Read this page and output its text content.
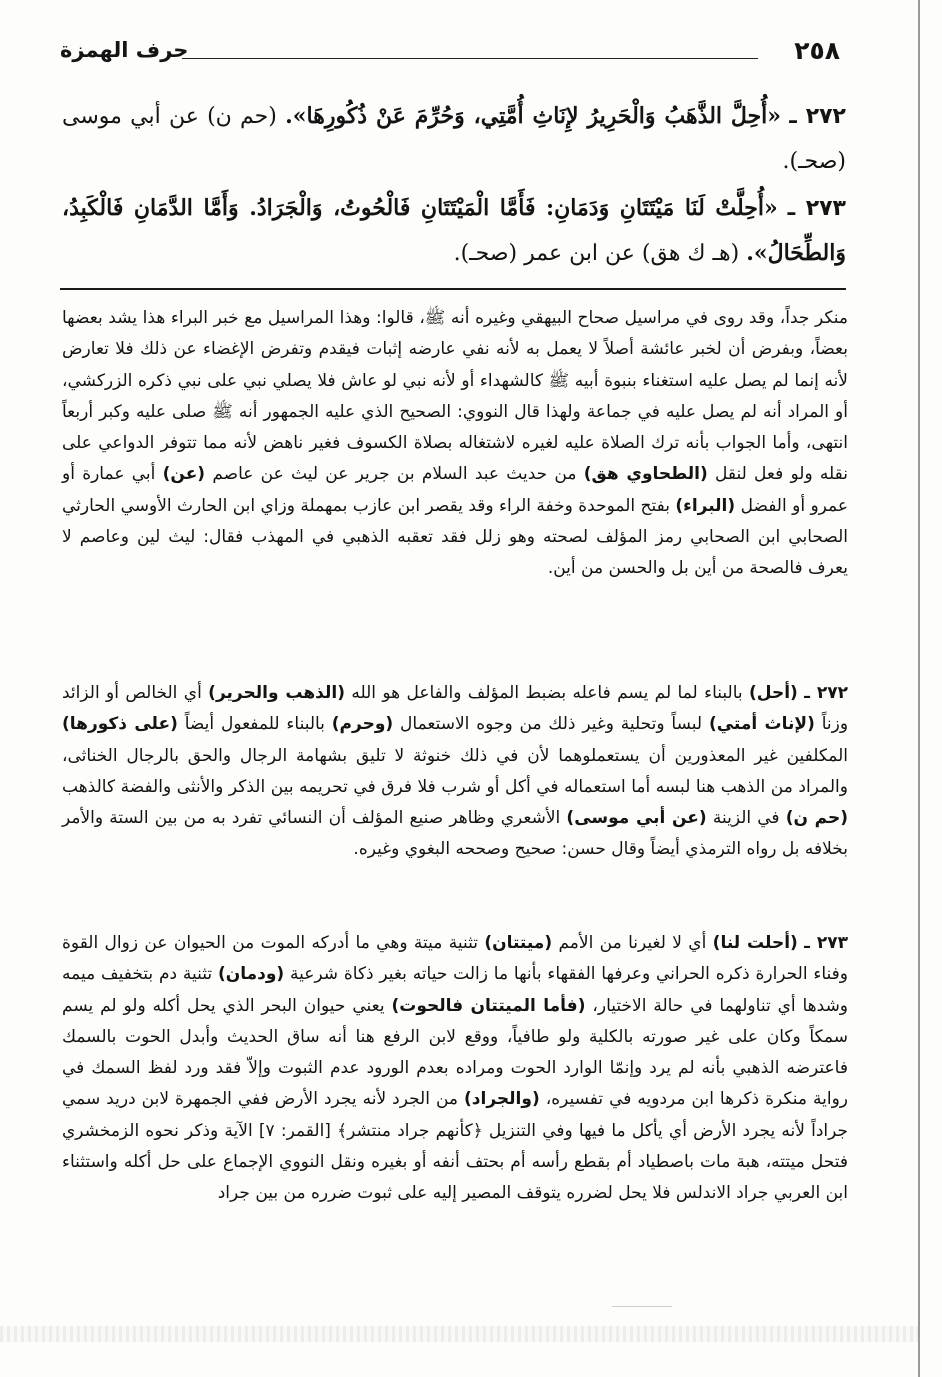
٢٥٨
حرف الهمزة
٢٧٢ ـ «أُحِلَّ الذَّهَبُ وَالْحَرِيرُ لإِنَاثِ أُمَّتِي، وَحُرِّمَ عَنْ ذُكُورِهَا». (حم ن) عن أبي موسى (صحـ).
٢٧٣ ـ «أُحِلَّتْ لَنَا مَيْتَتَانِ وَدَمَانِ: فَأَمَّا الْمَيْتَتَانِ فَالْحُوتُ، وَالْجَرَادُ. وَأَمَّا الدَّمَانِ فَالْكَبِدُ، وَالطِّحَالُ». (هـ ك هق) عن ابن عمر (صحـ).
منكر جداً، وقد روى في مراسيل صحاح البيهقي وغيره أنه ﷺ، قالوا: وهذا المراسيل مع خبر البراء هذا يشد بعضها بعضاً، وبفرض أن لخبر عائشة أصلاً لا يعمل به لأنه نفي عارضه إثبات فيقدم وتفرض الإغضاء عن ذلك فلا تعارض لأنه إنما لم يصل عليه استغناء بنبوة أبيه ﷺ كالشهداء أو لأنه نبي لو عاش فلا يصلي نبي على نبي ذكره الزركشي، أو المراد أنه لم يصل عليه في جماعة ولهذا قال النووي: الصحيح الذي عليه الجمهور أنه ﷺ صلى عليه وكبر أربعاً انتهى، وأما الجواب بأنه ترك الصلاة عليه لغيره لاشتغاله بصلاة الكسوف فغير ناهض لأنه مما تتوفر الدواعي على نقله ولو فعل لنقل (الطحاوي هق) من حديث عبد السلام بن جرير عن ليث عن عاصم (عن) أبي عمارة أو عمرو أو الفضل (البراء) بفتح الموحدة وخفة الراء وقد يقصر ابن عازب بمهملة وزاي ابن الحارث الأوسي الحارثي الصحابي ابن الصحابي رمز المؤلف لصحته وهو زلل فقد تعقبه الذهبي في المهذب فقال: ليث لين وعاصم لا يعرف فالصحة من أين بل والحسن من أين.
٢٧٢ ـ (أحل) بالبناء لما لم يسم فاعله بضبط المؤلف والفاعل هو الله (الذهب والحرير) أي الخالص أو الزائد وزناً (لإناث أمتي) لبساً وتحلية وغير ذلك من وجوه الاستعمال (وحرم) بالبناء للمفعول أيضاً (على ذكورها) المكلفين غير المعذورين أن يستعملوهما لأن في ذلك خنوثة لا تليق بشهامة الرجال والحق بالرجال الخناثى، والمراد من الذهب هنا لبسه أما استعماله في أكل أو شرب فلا فرق في تحريمه بين الذكر والأنثى والفضة كالذهب (حم ن) في الزينة (عن أبي موسى) الأشعري وظاهر صنيع المؤلف أن النسائي تفرد به من بين الستة والأمر بخلافه بل رواه الترمذي أيضاً وقال حسن: صحيح وصححه البغوي وغيره.
٢٧٣ ـ (أحلت لنا) أي لا لغيرنا من الأمم (ميتتان) تثنية ميتة وهي ما أدركه الموت من الحيوان عن زوال القوة وفناء الحرارة ذكره الحراني وعرفها الفقهاء بأنها ما زالت حياته بغير ذكاة شرعية (ودمان) تثنية دم بتخفيف ميمه وشدها أي تناولهما في حالة الاختيار، (فأما الميتتان فالحوت) يعني حيوان البحر الذي يحل أكله ولو لم يسم سمكاً وكان على غير صورته بالكلية ولو طافياً، ووقع لابن الرفع هنا أنه ساق الحديث وأبدل الحوت بالسمك فاعترضه الذهبي بأنه لم يرد وإنمّا الوارد الحوت ومراده بعدم الورود عدم الثبوت وإلاّ فقد ورد لفظ السمك في رواية منكرة ذكرها ابن مردويه في تفسيره، (والجراد) من الجرد لأنه يجرد الأرض ففي الجمهرة لابن دريد سمي جراداً لأنه يجرد الأرض أي يأكل ما فيها وفي التنزيل ﴿كأنهم جراد منتشر﴾ [القمر: ٧] الآية وذكر نحوه الزمخشري فتحل ميتته، هبة مات باصطياد أم بقطع رأسه أم بحتف أنفه أو بغيره ونقل النووي الإجماع على حل أكله واستثناء ابن العربي جراد الاندلس فلا يحل لضرره يتوقف المصير إليه على ثبوت ضرره من بين جراد
